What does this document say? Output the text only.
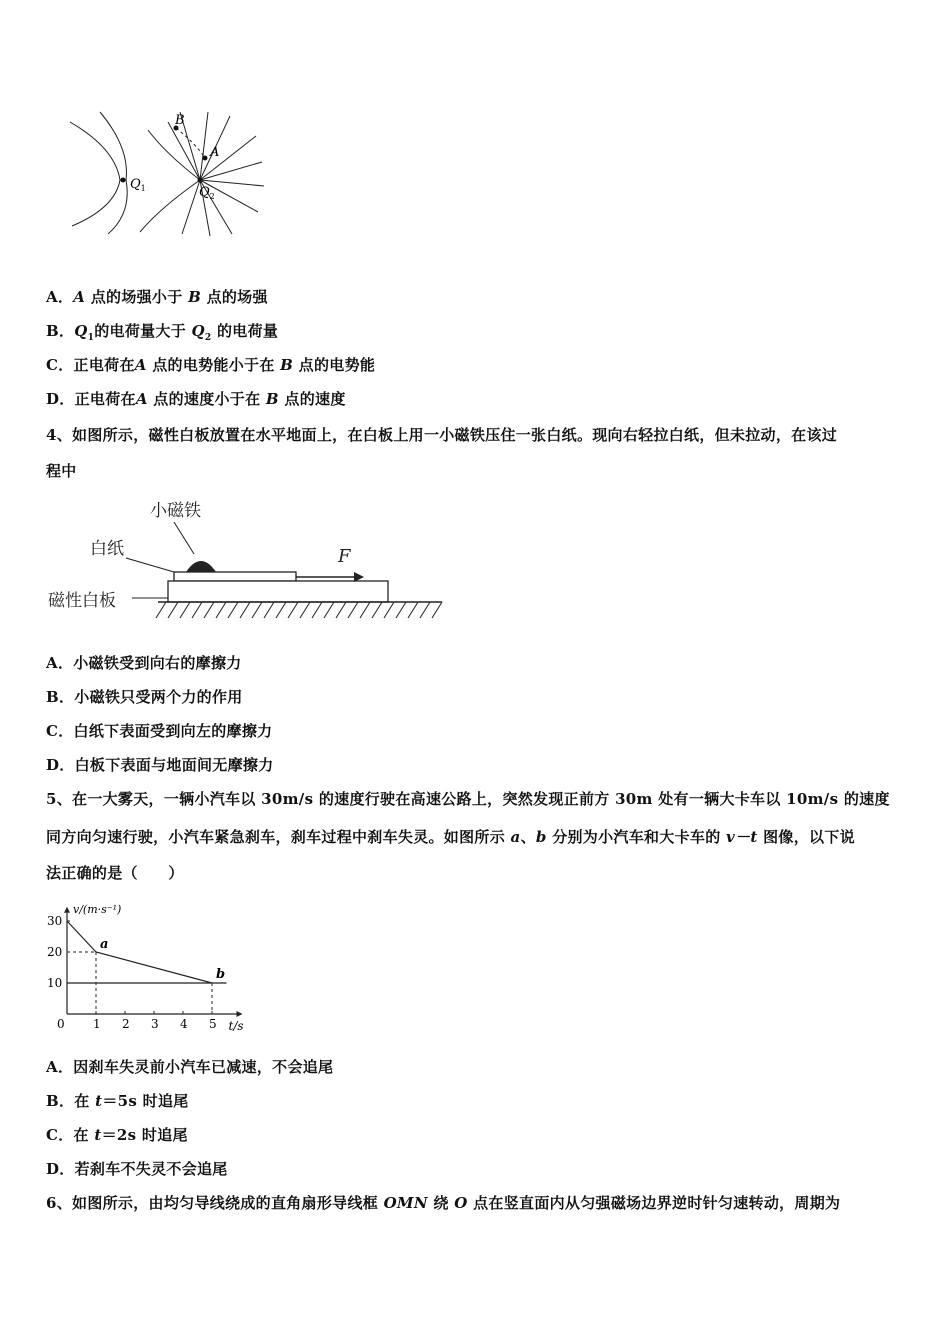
B
A
$Q_1$	$Q_2$
A．A 点的场强小于 B 点的场强
B．$Q_1$的电荷量大于 $Q_2$ 的电荷量
C．正电荷在A 点的电势能小于在 B 点的电势能
D．正电荷在A 点的速度小于在 B 点的速度
4、如图所示，磁性白板放置在水平地面上，在白板上用一小磁铁压住一张白纸。现向右轻拉白纸，但未拉动，在该过
程中
小磁铁
白纸
磁性白板
F
A．小磁铁受到向右的摩擦力
B．小磁铁只受两个力的作用
C．白纸下表面受到向左的摩擦力
D．白板下表面与地面间无摩擦力
5、在一大雾天，一辆小汽车以 30m/s 的速度行驶在高速公路上，突然发现正前方 30m 处有一辆大卡车以 10m/s 的速度
同方向匀速行驶，小汽车紧急刹车，刹车过程中刹车失灵。如图所示 a、b 分别为小汽车和大卡车的 v－t 图像，以下说
法正确的是（　　）
0 1 2 3 4 5
10
20
30
a
b
v/(m·s⁻¹)
t/s
A．因刹车失灵前小汽车已减速，不会追尾
B．在 t＝5s 时追尾
C．在 t＝2s 时追尾
D．若刹车不失灵不会追尾
6、如图所示，由均匀导线绕成的直角扇形导线框 OMN 绕 O 点在竖直面内从匀强磁场边界逆时针匀速转动，周期为
